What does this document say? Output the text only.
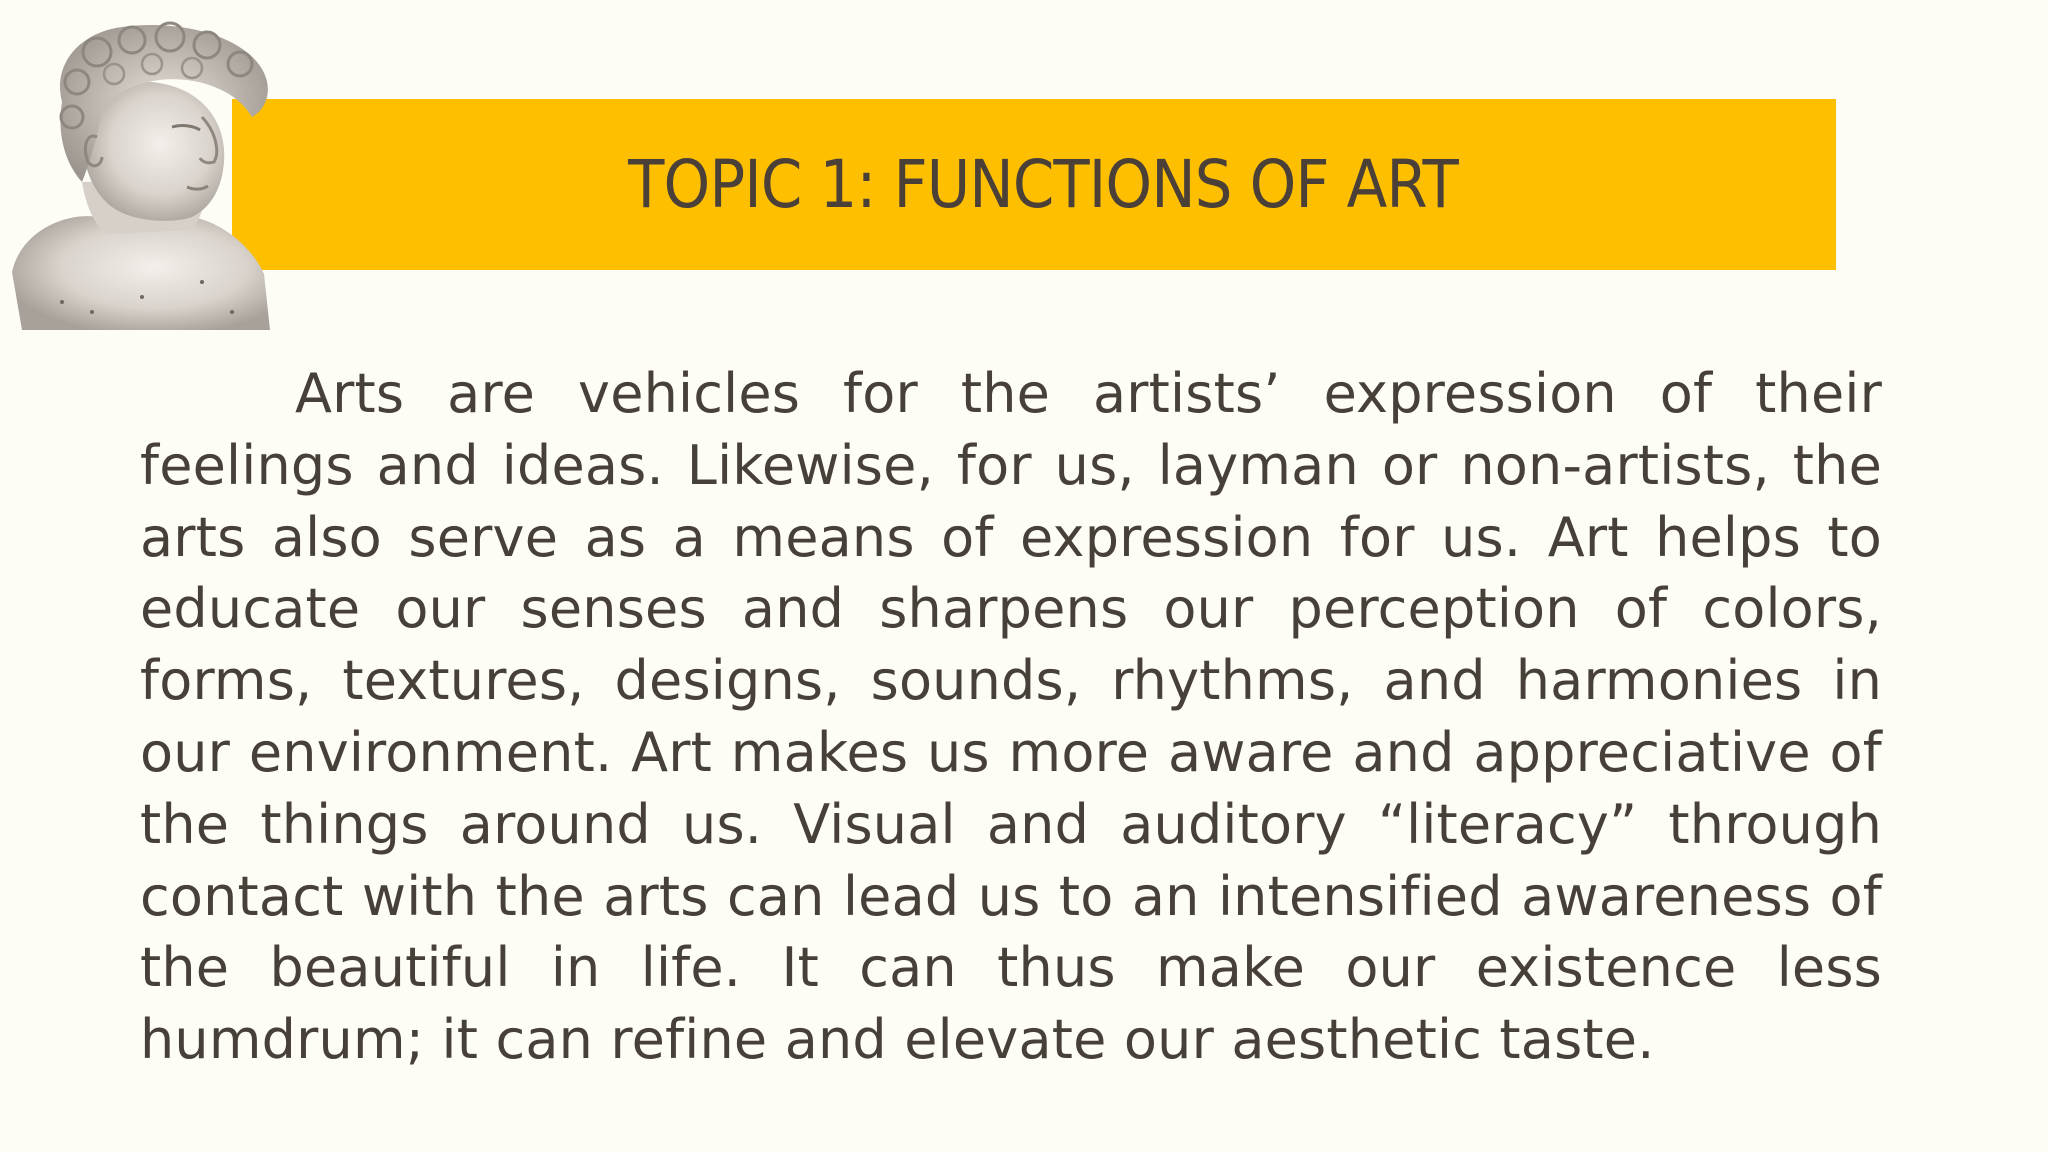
TOPIC 1: FUNCTIONS OF ART
Arts are vehicles for the artists’ expression of their feelings and ideas. Likewise, for us, layman or non-artists, the arts also serve as a means of expression for us. Art helps to educate our senses and sharpens our perception of colors, forms, textures, designs, sounds, rhythms, and harmonies in our environment. Art makes us more aware and appreciative of the things around us. Visual and auditory “literacy” through contact with the arts can lead us to an intensified awareness of the beautiful in life. It can thus make our existence less humdrum; it can refine and elevate our aesthetic taste.
